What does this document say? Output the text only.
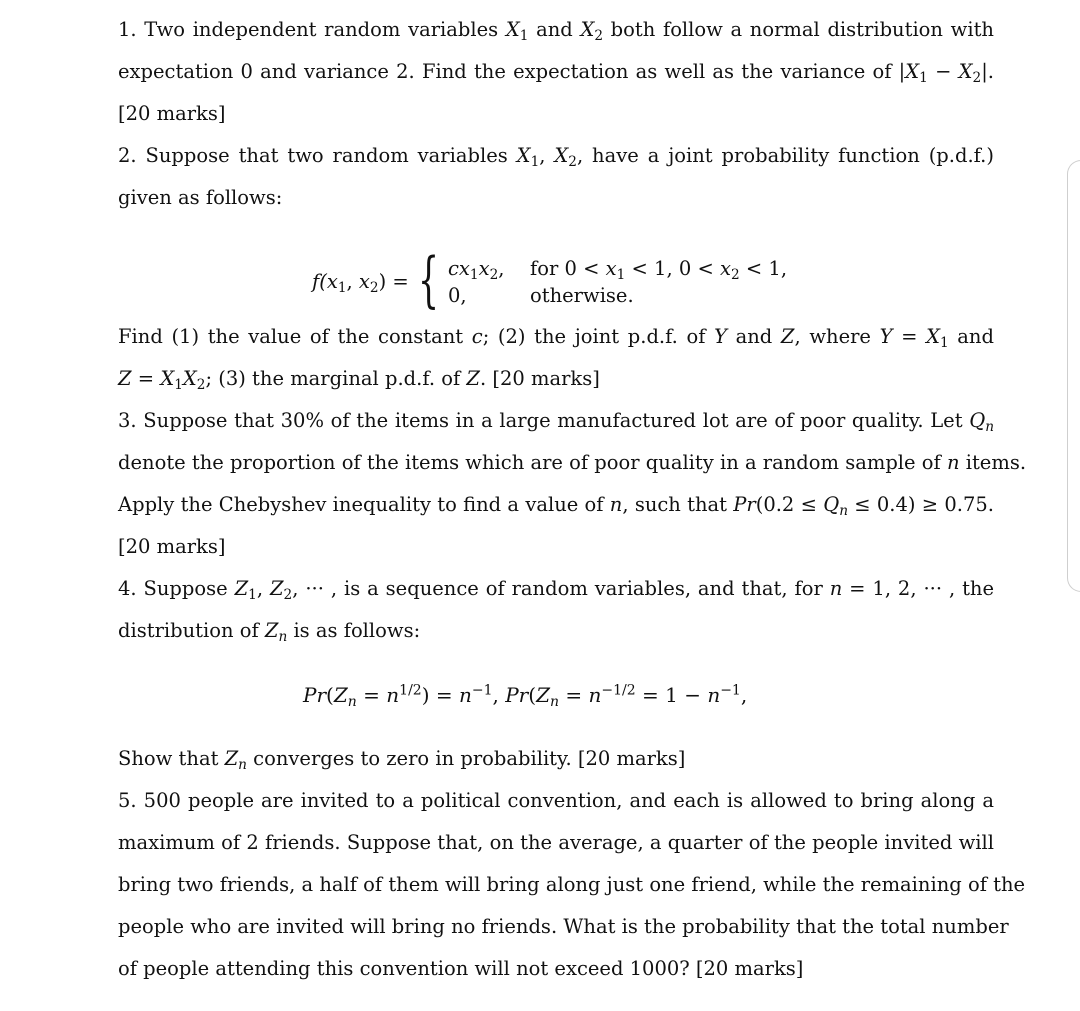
1. Two independent random variables X1 and X2 both follow a normal distribution with

expectation 0 and variance 2. Find the expectation as well as the variance of |X1 − X2|.

[20 marks]

2. Suppose that two random variables X1, X2, have a joint probability function (p.d.f.)

given as follows:

f(x1, x2) = { cx1x2, for 0 < x1 < 1, 0 < x2 < 1,
0,	otherwise.

Find (1) the value of the constant c; (2) the joint p.d.f. of Y and Z, where Y = X1 and

Z = X1X2; (3) the marginal p.d.f. of Z. [20 marks]

3. Suppose that 30% of the items in a large manufactured lot are of poor quality. Let Qn

denote the proportion of the items which are of poor quality in a random sample of n items.

Apply the Chebyshev inequality to find a value of n, such that Pr(0.2 ≤ Qn ≤ 0.4) ≥ 0.75.

[20 marks]

4. Suppose Z1, Z2, ··· , is a sequence of random variables, and that, for n = 1, 2, ··· , the

distribution of Zn is as follows:

$Pr(Zn = n^{1/2}) = n^{-1}$, $Pr(Zn = n^{-1/2} = 1 - n^{-1}$,

Show that Zn converges to zero in probability. [20 marks]

5. 500 people are invited to a political convention, and each is allowed to bring along a

maximum of 2 friends. Suppose that, on the average, a quarter of the people invited will

bring two friends, a half of them will bring along just one friend, while the remaining of the

people who are invited will bring no friends. What is the probability that the total number

of people attending this convention will not exceed 1000? [20 marks]
